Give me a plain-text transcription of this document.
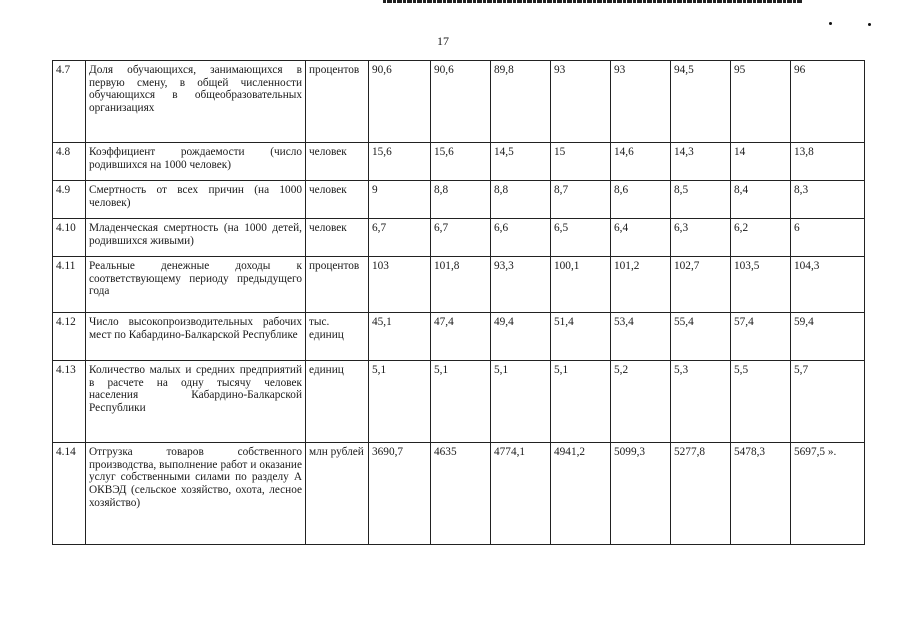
17
4.7	Доля обучающихся, занимающихся в первую смену, в общей численности обучающихся в общеобразовательных организациях	процентов	90,6	90,6	89,8	93	93	94,5	95	96
4.8	Коэффициент рождаемости (число родившихся на 1000 человек)	человек	15,6	15,6	14,5	15	14,6	14,3	14	13,8
4.9	Смертность от всех причин (на 1000 человек)	человек	9	8,8	8,8	8,7	8,6	8,5	8,4	8,3
4.10	Младенческая смертность (на 1000 детей, родившихся живыми)	человек	6,7	6,7	6,6	6,5	6,4	6,3	6,2	6
4.11	Реальные денежные доходы к соответствующему периоду предыдущего года	процентов	103	101,8	93,3	100,1	101,2	102,7	103,5	104,3
4.12	Число высокопроизводительных рабочих мест по Кабардино-Балкарской Республике	тыс. единиц	45,1	47,4	49,4	51,4	53,4	55,4	57,4	59,4
4.13	Количество малых и средних предприятий в расчете на одну тысячу человек населения Кабардино-Балкарской Республики	единиц	5,1	5,1	5,1	5,1	5,2	5,3	5,5	5,7
4.14	Отгрузка товаров собственного производства, выполнение работ и оказание услуг собственными силами по разделу А ОКВЭД (сельское хозяйство, охота, лесное хозяйство)	млн рублей	3690,7	4635	4774,1	4941,2	5099,3	5277,8	5478,3	5697,5 ».
